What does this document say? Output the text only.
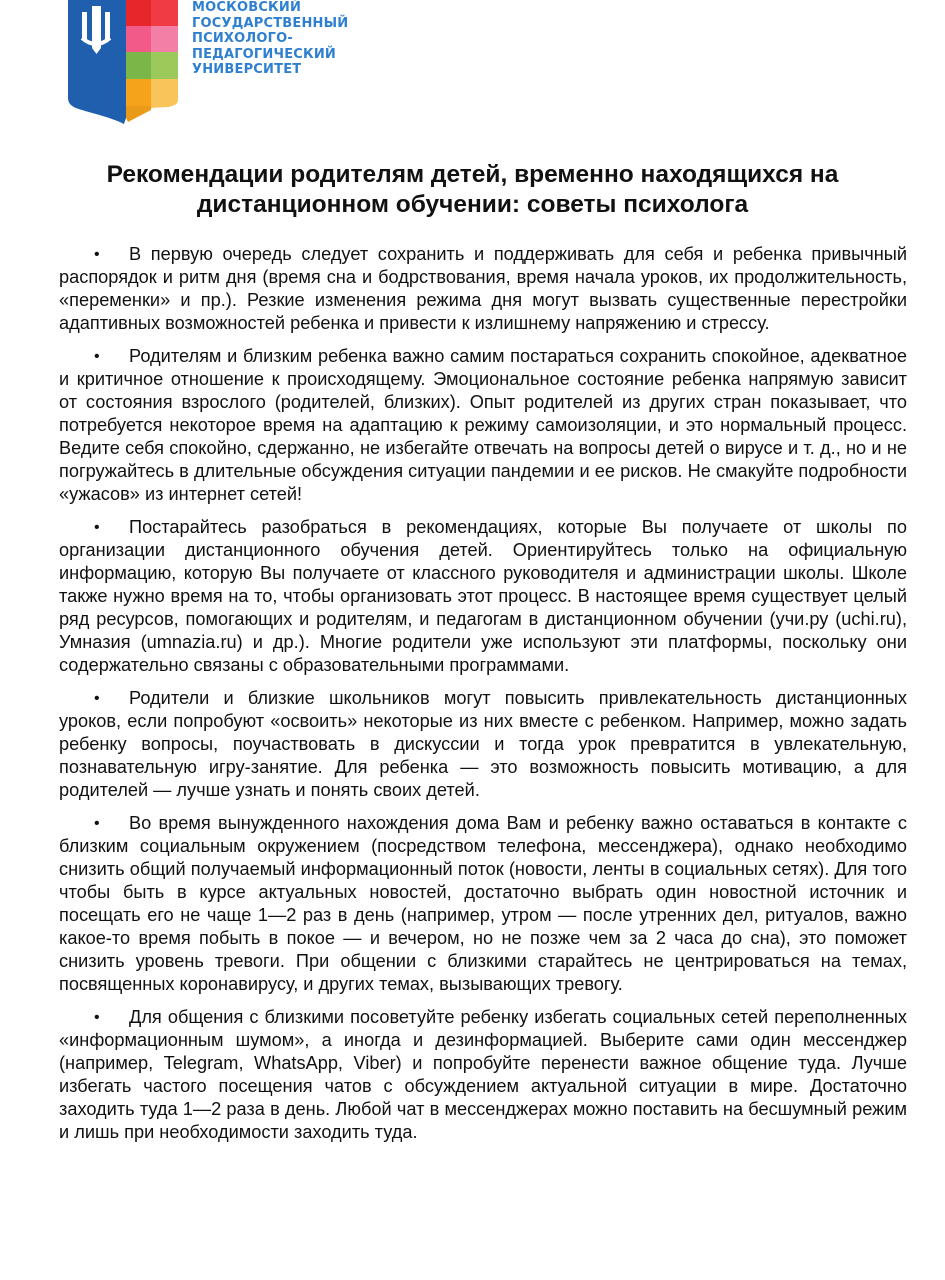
МОСКОВСКИЙ
ГОСУДАРСТВЕННЫЙ
ПСИХОЛОГО-
ПЕДАГОГИЧЕСКИЙ
УНИВЕРСИТЕТ
Рекомендации родителям детей, временно находящихся на
дистанционном обучении: советы психолога

• В первую очередь следует сохранить и поддерживать для себя и ребенка привычный распорядок и ритм дня (время сна и бодрствования, время начала уроков, их продолжительность, «переменки» и пр.). Резкие изменения режима дня могут вызвать существенные перестройки адаптивных возможностей ребенка и привести к излишнему напряжению и стрессу.

• Родителям и близким ребенка важно самим постараться сохранить спокойное, адекватное и критичное отношение к происходящему. Эмоциональное состояние ребенка напрямую зависит от состояния взрослого (родителей, близких). Опыт родителей из других стран показывает, что потребуется некоторое время на адаптацию к режиму самоизоляции, и это нормальный процесс. Ведите себя спокойно, сдержанно, не избегайте отвечать на вопросы детей о вирусе и т. д., но и не погружайтесь в длительные обсуждения ситуации пандемии и ее рисков. Не смакуйте подробности «ужасов» из интернет сетей!

• Постарайтесь разобраться в рекомендациях, которые Вы получаете от школы по организации дистанционного обучения детей. Ориентируйтесь только на официальную информацию, которую Вы получаете от классного руководителя и администрации школы. Школе также нужно время на то, чтобы организовать этот процесс. В настоящее время существует целый ряд ресурсов, помогающих и родителям, и педагогам в дистанционном обучении (учи.ру (uchi.ru), Умназия (umnazia.ru) и др.). Многие родители уже используют эти платформы, поскольку они содержательно связаны с образовательными программами.

• Родители и близкие школьников могут повысить привлекательность дистанционных уроков, если попробуют «освоить» некоторые из них вместе с ребенком. Например, можно задать ребенку вопросы, поучаствовать в дискуссии и тогда урок превратится в увлекательную, познавательную игру-занятие. Для ребенка — это возможность повысить мотивацию, а для родителей — лучше узнать и понять своих детей.

• Во время вынужденного нахождения дома Вам и ребенку важно оставаться в контакте с близким социальным окружением (посредством телефона, мессенджера), однако необходимо снизить общий получаемый информационный поток (новости, ленты в социальных сетях). Для того чтобы быть в курсе актуальных новостей, достаточно выбрать один новостной источник и посещать его не чаще 1—2 раз в день (например, утром — после утренних дел, ритуалов, важно какое-то время побыть в покое — и вечером, но не позже чем за 2 часа до сна), это поможет снизить уровень тревоги. При общении с близкими старайтесь не центрироваться на темах, посвященных коронавирусу, и других темах, вызывающих тревогу.

• Для общения с близкими посоветуйте ребенку избегать социальных сетей переполненных «информационным шумом», а иногда и дезинформацией. Выберите сами один мессенджер (например, Telegram, WhatsApp, Viber) и попробуйте перенести важное общение туда. Лучше избегать частого посещения чатов с обсуждением актуальной ситуации в мире. Достаточно заходить туда 1—2 раза в день. Любой чат в мессенджерах можно поставить на бесшумный режим и лишь при необходимости заходить туда.
